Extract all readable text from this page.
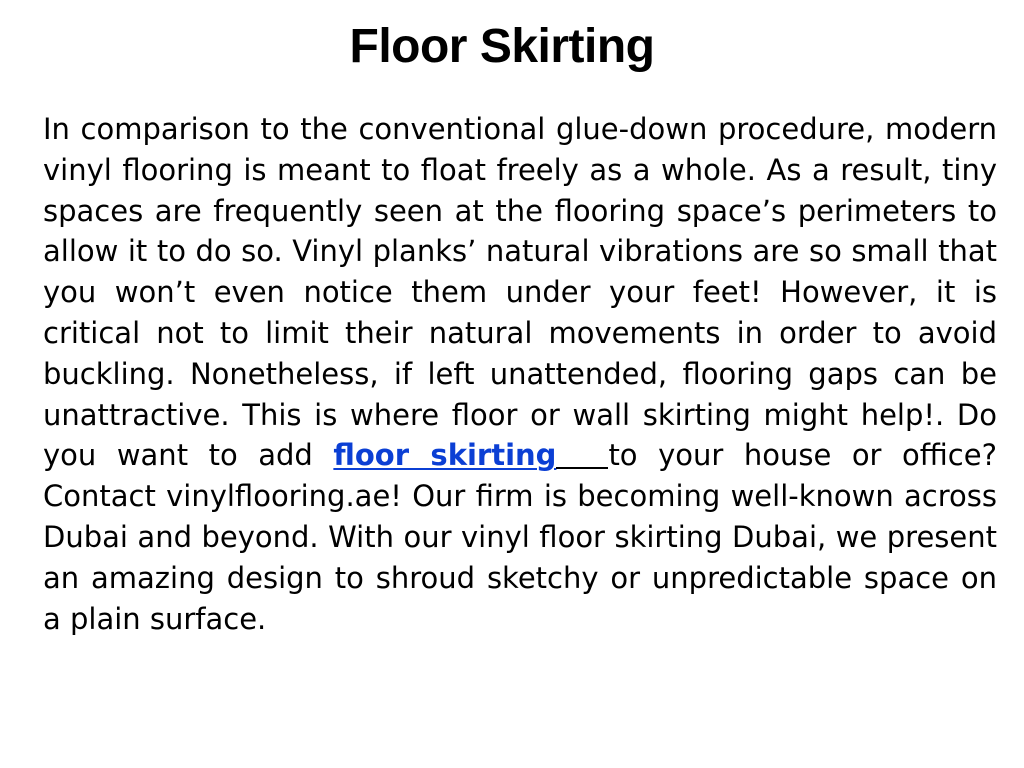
Floor Skirting

In comparison to the conventional glue-down procedure, modern vinyl flooring is meant to float freely as a whole. As a result, tiny spaces are frequently seen at the flooring space’s perimeters to allow it to do so. Vinyl planks’ natural vibrations are so small that you won’t even notice them under your feet! However, it is critical not to limit their natural movements in order to avoid buckling. Nonetheless, if left unattended, flooring gaps can be unattractive. This is where floor or wall skirting might help!. Do you want to add floor skirting to your house or office? Contact vinylflooring.ae! Our firm is becoming well-known across Dubai and beyond. With our vinyl floor skirting Dubai, we present an amazing design to shroud sketchy or unpredictable space on a plain surface.
